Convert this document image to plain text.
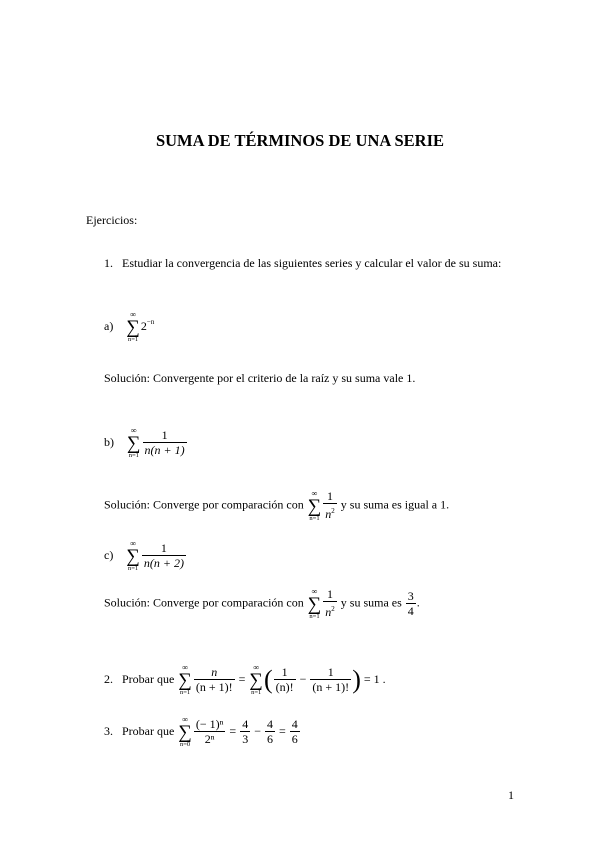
SUMA DE TÉRMINOS DE UNA SERIE
Ejercicios:
1. Estudiar la convergencia de las siguientes series y calcular el valor de su suma:
a)
∞
∑
n=1
$2^{-n}$
Solución: Convergente por el criterio de la raíz y su suma vale 1.
b)
∞
∑
$n=1 \frac{1}{n(n + 1)}$
Solución: Converge por comparación con
∞
∑
$n=1 \frac{1}{n^2}$ y su suma es igual a 1.
c)
∞
∑
$n=1 \frac{1}{n(n + 2)}$
Solución: Converge por comparación con
∞
∑
$n=1 \frac{1}{n^2}$ y su suma es $\frac{3}{4}$ .
2. Probar que
∞
∑
$n=1 \frac{n}{(n + 1)!}$ =
∞
∑
n=1 ( $\frac{1}{(n)!} - \frac{1}{(n + 1)!}$ ) = 1 .
3. Probar que
∞
∑
$n=0 \frac{\text{(− 1)ⁿ}}{\text{2ⁿ}} = \frac{4}{3} - \frac{4}{6} = \frac{4}{6}$
1
